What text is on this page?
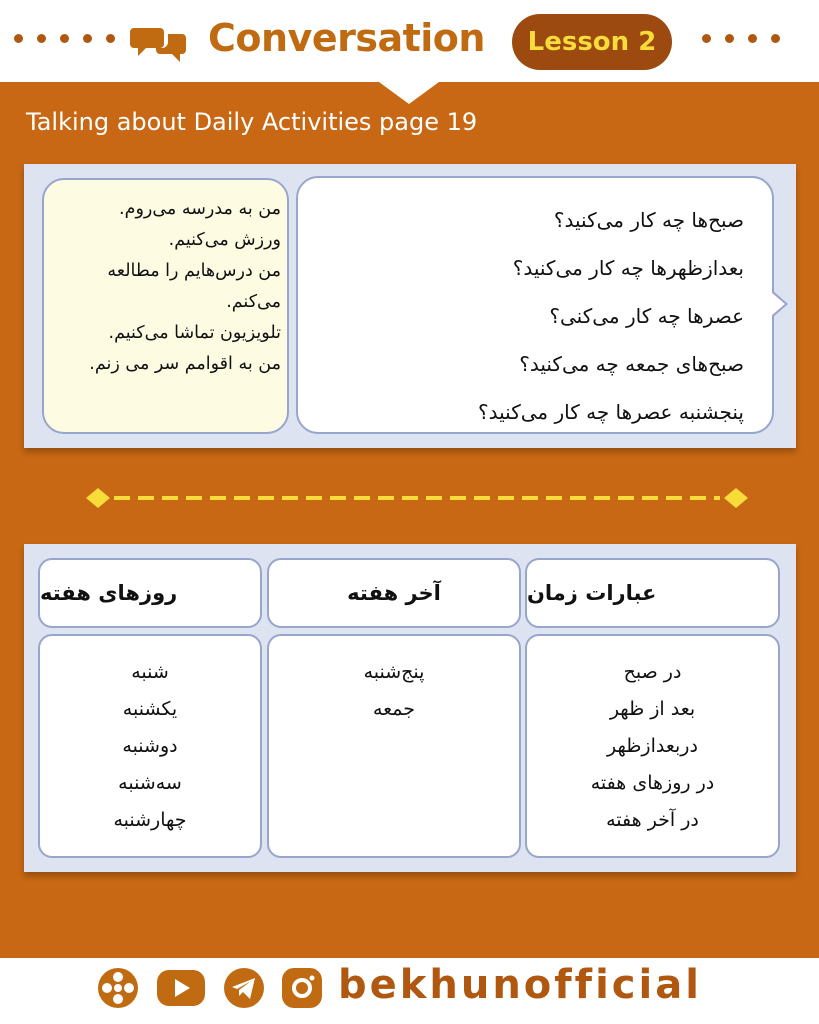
Conversation Lesson 2
Talking about Daily Activities page 19
من به مدرسه می‌روم.
ورزش می‌کنیم.
من درس‌هایم را مطالعه
می‌کنم.
تلویزیون تماشا می‌کنیم.
من به اقوامم سر می زنم.
صبح‌ها چه کار می‌کنید؟
بعدازظهرها چه کار می‌کنید؟
عصرها چه کار می‌کنی؟
صبح‌های جمعه چه می‌کنید؟
پنجشنبه عصرها چه کار می‌کنید؟
روزهای هفته	آخر هفته	عبارات زمان
شنبه
یکشنبه
دوشنبه
سه‌شنبه
چهارشنبه
پنج‌شنبه
جمعه
در صبح
بعد از ظهر
دربعدازظهر
در روزهای هفته
در آخر هفته
bekhunofficial
